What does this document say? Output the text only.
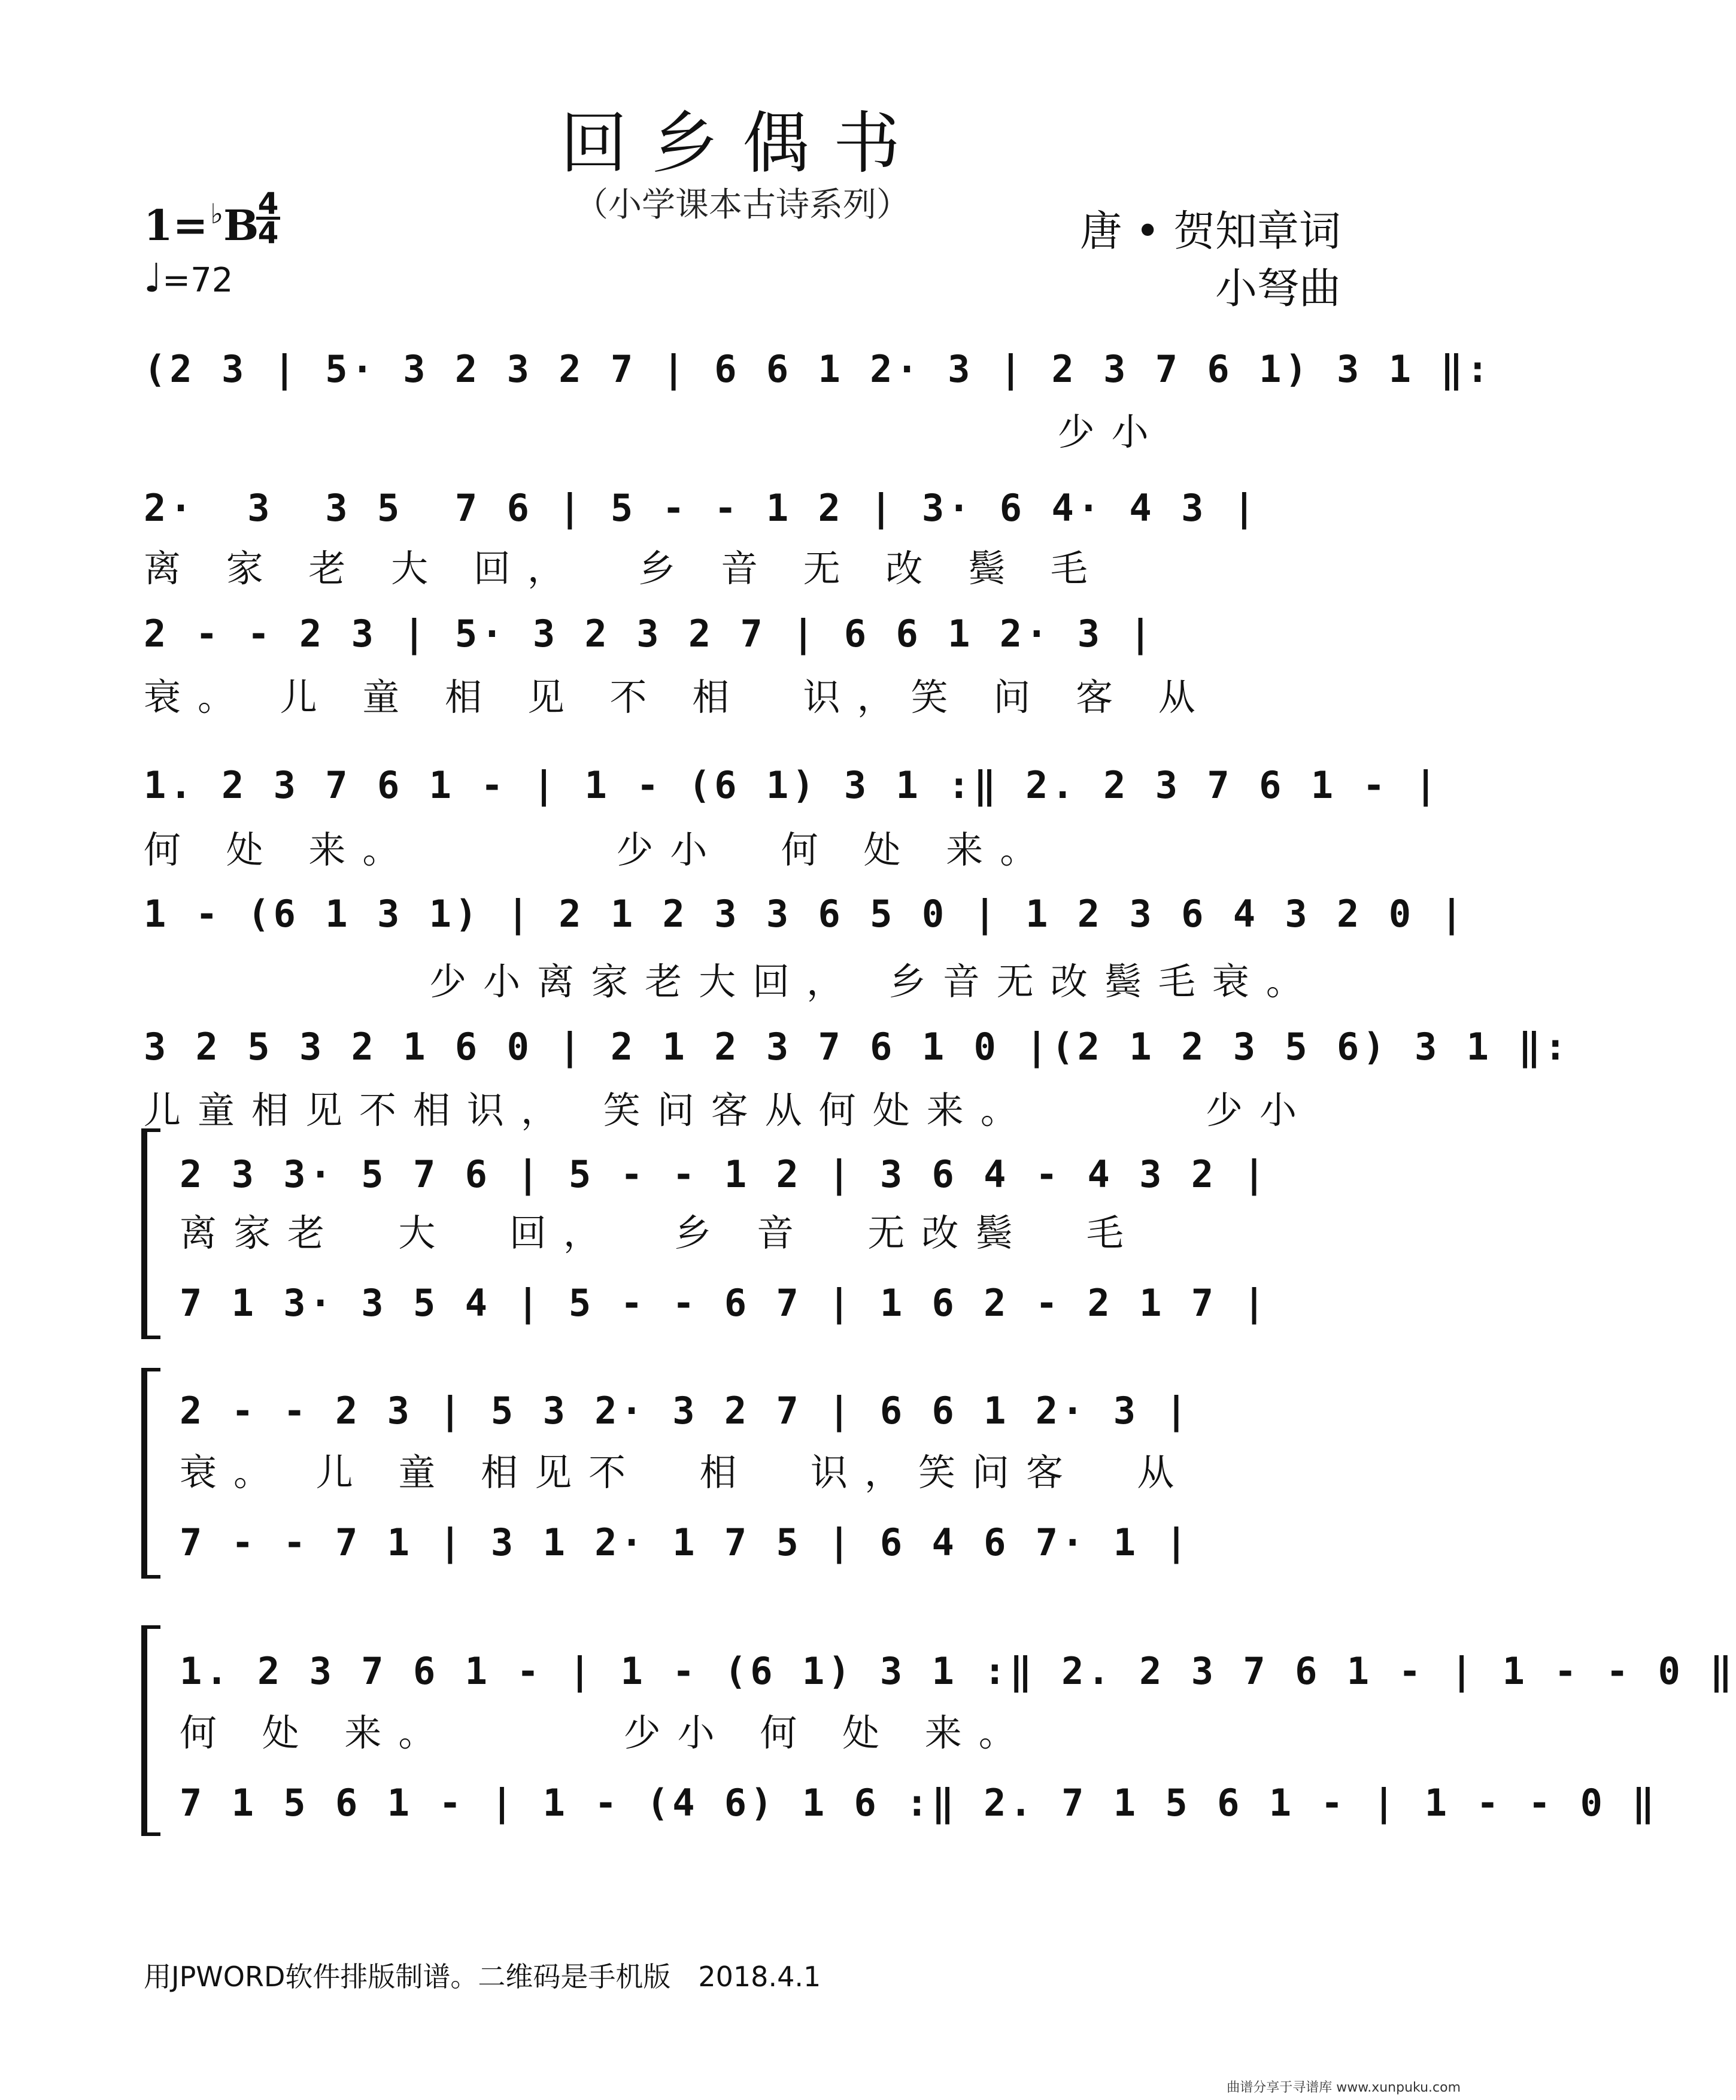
回乡偶书
（小学课本古诗系列）
1=♭B
4
4
♩=72
唐 • 贺知章词
小弩曲
(2 3 | 5· 3 2 3 2 7 | 6 6 1 2· 3 | 2 3 7 6 1) 3 1 ‖:
少小
2·  3  3 5  7 6 | 5 - - 1 2 | 3· 6 4· 4 3 |
离 家 老 大 回，  乡 音 无 改 鬓 毛
2 - - 2 3 | 5· 3 2 3 2 7 | 6 6 1 2· 3 |
衰。 儿 童 相 见 不 相  识，笑 问 客 从
1. 2 3 7 6 1 - | 1 - (6 1) 3 1 :‖ 2. 2 3 7 6 1 - |
何 处 来。       少小  何 处 来。
1 - (6 1 3 1) | 2 1 2 3 3 6 5 0 | 1 2 3 6 4 3 2 0 |
少小离家老大回， 乡音无改鬓毛衰。
3 2 5 3 2 1 6 0 | 2 1 2 3 7 6 1 0 |(2 1 2 3 5 6) 3 1 ‖:
儿童相见不相识， 笑问客从何处来。      少小
2 3 3· 5 7 6 | 5 - - 1 2 | 3 6 4 - 4 3 2 |
离家老  大  回，  乡 音  无改鬓  毛
7 1 3· 3 5 4 | 5 - - 6 7 | 1 6 2 - 2 1 7 |
2 - - 2 3 | 5 3 2· 3 2 7 | 6 6 1 2· 3 |
衰。 儿 童 相见不  相  识，笑问客  从
7 - - 7 1 | 3 1 2· 1 7 5 | 6 4 6 7· 1 |
1. 2 3 7 6 1 - | 1 - (6 1) 3 1 :‖ 2. 2 3 7 6 1 - | 1 - - 0 ‖
何 处 来。      少小 何 处 来。
7 1 5 6 1 - | 1 - (4 6) 1 6 :‖ 2. 7 1 5 6 1 - | 1 - - 0 ‖
用JPWORD软件排版制谱。二维码是手机版　2018.4.1
曲谱分享于寻谱库 www.xunpuku.com
